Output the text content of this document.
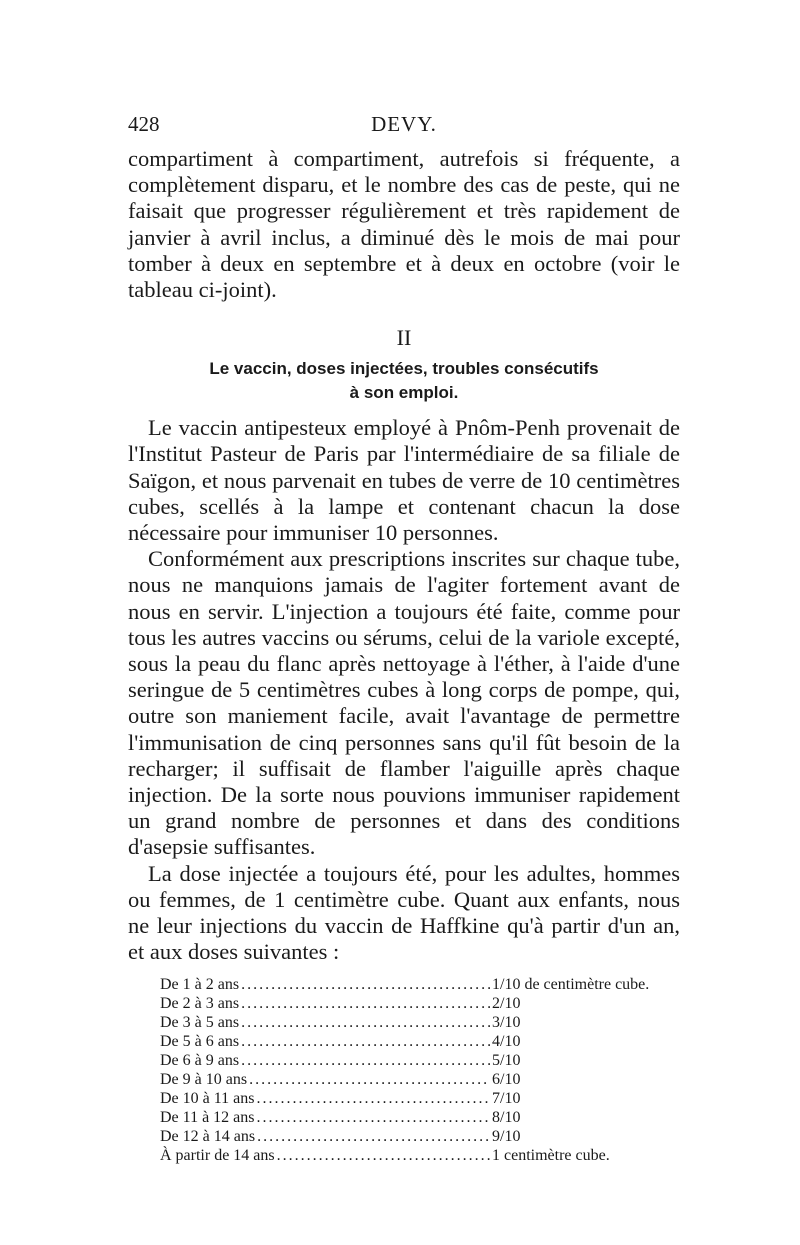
428	DEVY.

compartiment à compartiment, autrefois si fréquente, a complètement disparu, et le nombre des cas de peste, qui ne faisait que progresser régulièrement et très rapidement de janvier à avril inclus, a diminué dès le mois de mai pour tomber à deux en septembre et à deux en octobre (voir le tableau ci-joint).

II
Le vaccin, doses injectées, troubles consécutifs
à son emploi.

Le vaccin antipesteux employé à Pnôm-Penh provenait de l'Institut Pasteur de Paris par l'intermédiaire de sa filiale de Saïgon, et nous parvenait en tubes de verre de 10 centimètres cubes, scellés à la lampe et contenant chacun la dose nécessaire pour immuniser 10 personnes.

Conformément aux prescriptions inscrites sur chaque tube, nous ne manquions jamais de l'agiter fortement avant de nous en servir. L'injection a toujours été faite, comme pour tous les autres vaccins ou sérums, celui de la variole excepté, sous la peau du flanc après nettoyage à l'éther, à l'aide d'une seringue de 5 centimètres cubes à long corps de pompe, qui, outre son maniement facile, avait l'avantage de permettre l'immunisation de cinq personnes sans qu'il fût besoin de la recharger; il suffisait de flamber l'aiguille après chaque injection. De la sorte nous pouvions immuniser rapidement un grand nombre de personnes et dans des conditions d'asepsie suffisantes.

La dose injectée a toujours été, pour les adultes, hommes ou femmes, de 1 centimètre cube. Quant aux enfants, nous ne leur injections du vaccin de Haffkine qu'à partir d'un an, et aux doses suivantes :

De 1 à 2 ans . . .	1/10 de centimètre cube.
De 2 à 3 ans . . .	2/10
De 3 à 5 ans . . .	3/10
De 5 à 6 ans . . .	4/10
De 6 à 9 ans . . .	5/10
De 9 à 10 ans . . .	6/10
De 10 à 11 ans . . .	7/10
De 11 à 12 ans . . .	8/10
De 12 à 14 ans . . .	9/10
À partir de 14 ans . . .	1 centimètre cube.
